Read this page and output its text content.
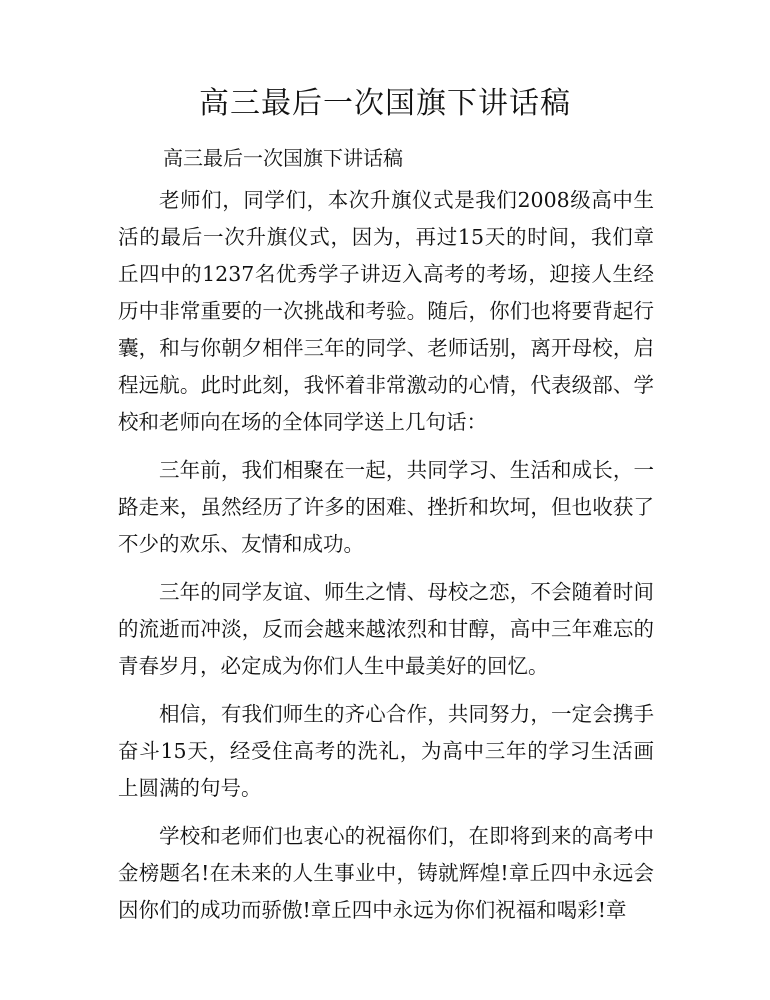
高三最后一次国旗下讲话稿

高三最后一次国旗下讲话稿

老师们，同学们，本次升旗仪式是我们2008级高中生活的最后一次升旗仪式，因为，再过15天的时间，我们章丘四中的1237名优秀学子讲迈入高考的考场，迎接人生经历中非常重要的一次挑战和考验。随后，你们也将要背起行囊，和与你朝夕相伴三年的同学、老师话别，离开母校，启程远航。此时此刻，我怀着非常激动的心情，代表级部、学校和老师向在场的全体同学送上几句话：

三年前，我们相聚在一起，共同学习、生活和成长，一路走来，虽然经历了许多的困难、挫折和坎坷，但也收获了不少的欢乐、友情和成功。

三年的同学友谊、师生之情、母校之恋，不会随着时间的流逝而冲淡，反而会越来越浓烈和甘醇，高中三年难忘的青春岁月，必定成为你们人生中最美好的回忆。

相信，有我们师生的齐心合作，共同努力，一定会携手奋斗15天，经受住高考的洗礼，为高中三年的学习生活画上圆满的句号。

学校和老师们也衷心的祝福你们，在即将到来的高考中金榜题名!在未来的人生事业中，铸就辉煌!章丘四中永远会因你们的成功而骄傲!章丘四中永远为你们祝福和喝彩!章
